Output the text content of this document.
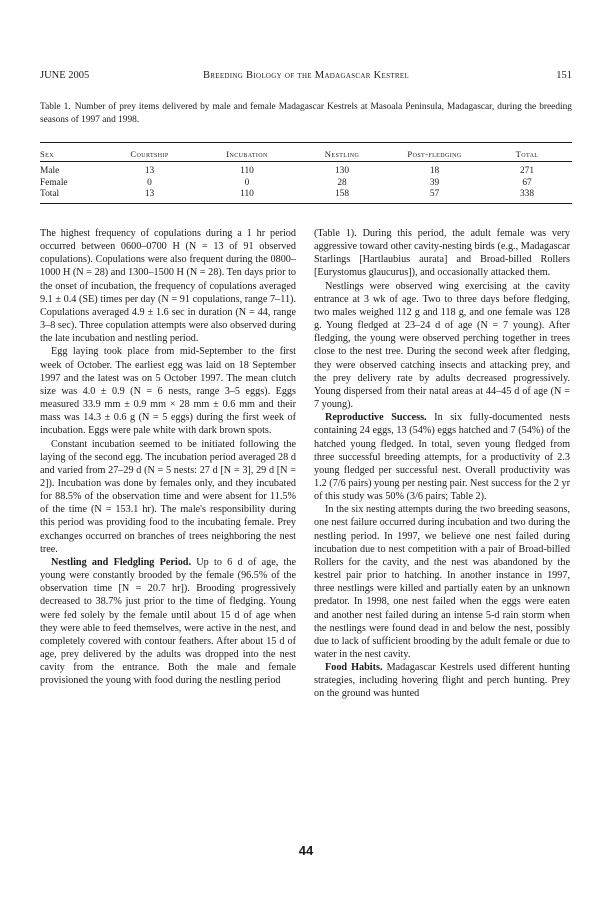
JUNE 2005	Breeding Biology of the Madagascar Kestrel	151
Table 1. Number of prey items delivered by male and female Madagascar Kestrels at Masoala Peninsula, Madagascar, during the breeding seasons of 1997 and 1998.
Sex	Courtship	Incubation	Nestling	Post-fledging	Total
Male	13	110	130	18	271
Female	0	0	28	39	67
Total	13	110	158	57	338

The highest frequency of copulations during a 1 hr period occurred between 0600–0700 H (N = 13 of 91 observed copulations). Copulations were also frequent during the 0800–1000 H (N = 28) and 1300–1500 H (N = 28). Ten days prior to the onset of incubation, the frequency of copulations averaged 9.1 ± 0.4 (SE) times per day (N = 91 copulations, range 7–11). Copulations averaged 4.9 ± 1.6 sec in duration (N = 44, range 3–8 sec). Three copulation attempts were also observed during the late incubation and nestling period.

Egg laying took place from mid-September to the first week of October. The earliest egg was laid on 18 September 1997 and the latest was on 5 October 1997. The mean clutch size was 4.0 ± 0.9 (N = 6 nests, range 3–5 eggs). Eggs measured 33.9 mm ± 0.9 mm × 28 mm ± 0.6 mm and their mass was 14.3 ± 0.6 g (N = 5 eggs) during the first week of incubation. Eggs were pale white with dark brown spots.

Constant incubation seemed to be initiated following the laying of the second egg. The incubation period averaged 28 d and varied from 27–29 d (N = 5 nests: 27 d [N = 3], 29 d [N = 2]). Incubation was done by females only, and they incubated for 88.5% of the observation time and were absent for 11.5% of the time (N = 153.1 hr). The male's responsibility during this period was providing food to the incubating female. Prey exchanges occurred on branches of trees neighboring the nest tree.

Nestling and Fledgling Period. Up to 6 d of age, the young were constantly brooded by the female (96.5% of the observation time [N = 20.7 hr]). Brooding progressively decreased to 38.7% just prior to the time of fledging. Young were fed solely by the female until about 15 d of age when they were able to feed themselves, were active in the nest, and completely covered with contour feathers. After about 15 d of age, prey delivered by the adults was dropped into the nest cavity from the entrance. Both the male and female provisioned the young with food during the nestling period

(Table 1). During this period, the adult female was very aggressive toward other cavity-nesting birds (e.g., Madagascar Starlings [Hartlaubius aurata] and Broad-billed Rollers [Eurystomus glaucurus]), and occasionally attacked them.

Nestlings were observed wing exercising at the cavity entrance at 3 wk of age. Two to three days before fledging, two males weighed 112 g and 118 g, and one female was 128 g. Young fledged at 23–24 d of age (N = 7 young). After fledging, the young were observed perching together in trees close to the nest tree. During the second week after fledging, they were observed catching insects and attacking prey, and the prey delivery rate by adults decreased progressively. Young dispersed from their natal areas at 44–45 d of age (N = 7 young).

Reproductive Success. In six fully-documented nests containing 24 eggs, 13 (54%) eggs hatched and 7 (54%) of the hatched young fledged. In total, seven young fledged from three successful breeding attempts, for a productivity of 2.3 young fledged per successful nest. Overall productivity was 1.2 (7/6 pairs) young per nesting pair. Nest success for the 2 yr of this study was 50% (3/6 pairs; Table 2).

In the six nesting attempts during the two breeding seasons, one nest failure occurred during incubation and two during the nestling period. In 1997, we believe one nest failed during incubation due to nest competition with a pair of Broad-billed Rollers for the cavity, and the nest was abandoned by the kestrel pair prior to hatching. In another instance in 1997, three nestlings were killed and partially eaten by an unknown predator. In 1998, one nest failed when the eggs were eaten and another nest failed during an intense 5-d rain storm when the nestlings were found dead in and below the nest, possibly due to lack of sufficient brooding by the adult female or due to water in the nest cavity.

Food Habits. Madagascar Kestrels used different hunting strategies, including hovering flight and perch hunting. Prey on the ground was hunted

44
